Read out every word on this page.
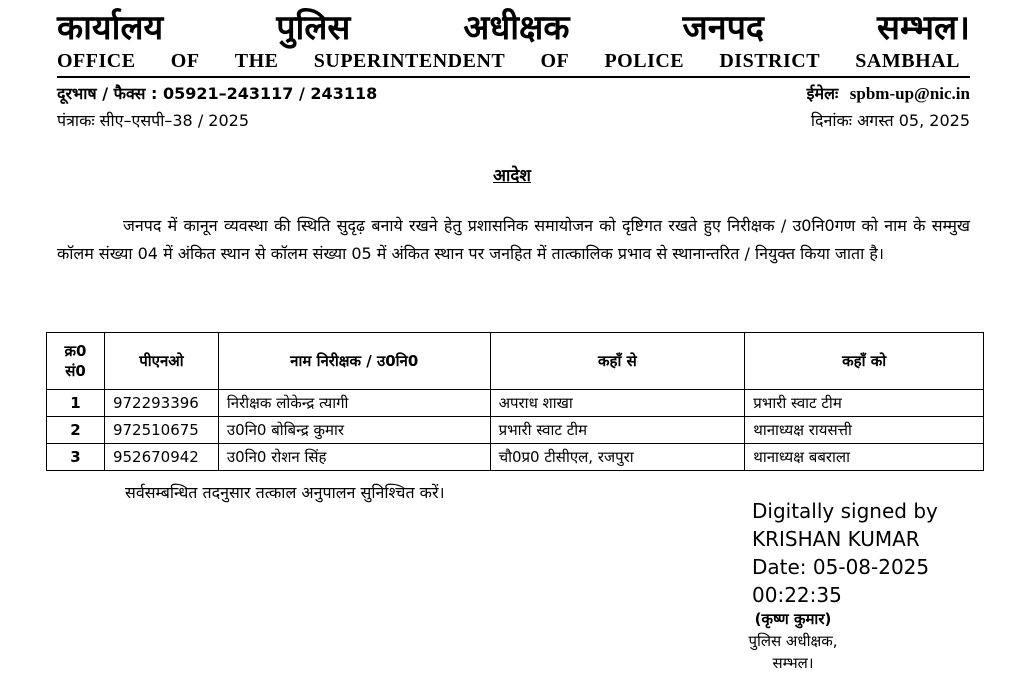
कार्यालय	पुलिस	अधीक्षक	जनपद	सम्भल।
OFFICE OF THE SUPERINTENDENT OF POLICE DISTRICT SAMBHAL
दूरभाष / फैक्स : 05921–243117 / 243118	ईमेलः spbm-up@nic.in
पंत्राकः सीए–एसपी–38 / 2025	दिनांकः अगस्त 05, 2025
आदेश
जनपद में कानून व्यवस्था की स्थिति सुदृढ़ बनाये रखने हेतु प्रशासनिक समायोजन को दृष्टिगत रखते हुए निरीक्षक / उ0नि0गण को नाम के सम्मुख कॉलम संख्या 04 में अंकित स्थान से कॉलम संख्या 05 में अंकित स्थान पर जनहित में तात्कालिक प्रभाव से स्थानान्तरित / नियुक्त किया जाता है।
क्र0 सं0	पीएनओ	नाम निरीक्षक / उ0नि0	कहाँ से	कहाँ को
1	972293396	निरीक्षक लोकेन्द्र त्यागी	अपराध शाखा	प्रभारी स्वाट टीम
2	972510675	उ0नि0 बोबिन्द्र कुमार	प्रभारी स्वाट टीम	थानाध्यक्ष रायसत्ती
3	952670942	उ0नि0 रोशन सिंह	चौ0प्र0 टीसीएल, रजपुरा	थानाध्यक्ष बबराला
सर्वसम्बन्धित तदनुसार तत्काल अनुपालन सुनिश्चित करें।
Digitally signed by
KRISHAN KUMAR
Date: 05-08-2025
00:22:35
(कृष्ण कुमार)
पुलिस अधीक्षक,
सम्भल।
